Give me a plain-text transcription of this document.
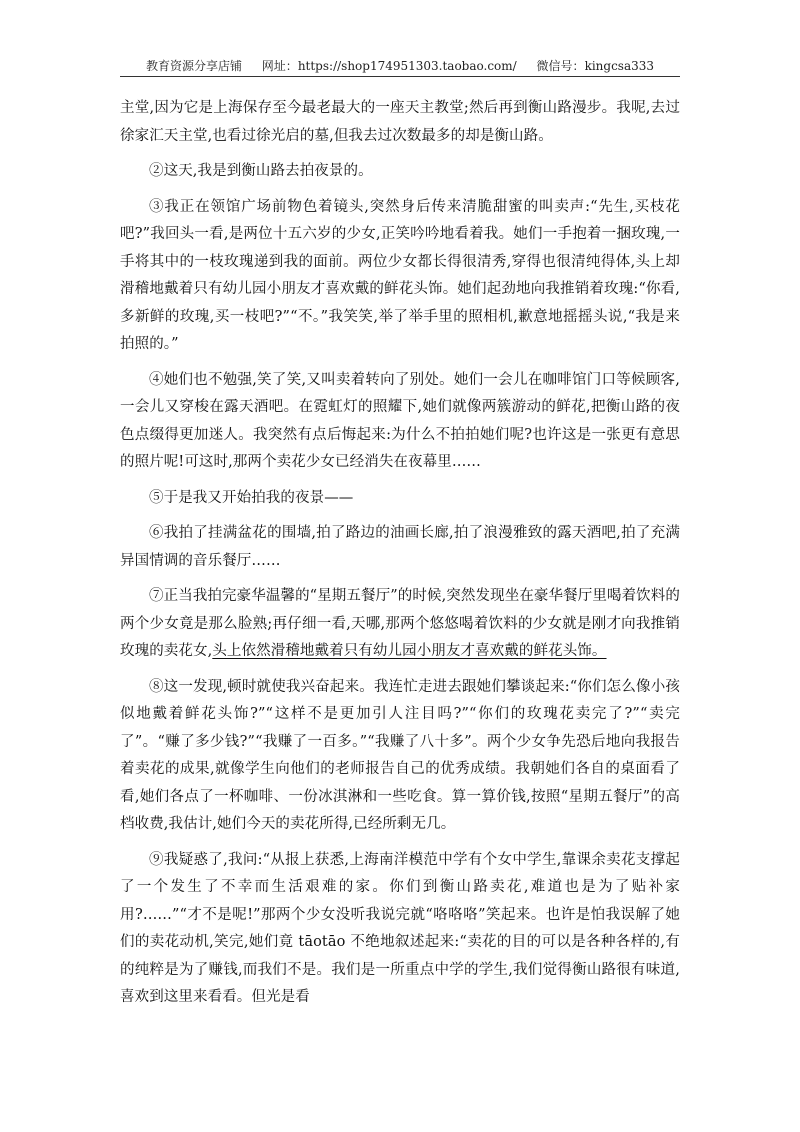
教育资源分享店铺 网址：https://shop174951303.taobao.com/ 微信号：kingcsa333

主堂,因为它是上海保存至今最老最大的一座天主教堂;然后再到衡山路漫步。我呢,去过徐家汇天主堂,也看过徐光启的墓,但我去过次数最多的却是衡山路。

②这天,我是到衡山路去拍夜景的。

③我正在领馆广场前物色着镜头,突然身后传来清脆甜蜜的叫卖声:“先生,买枝花吧?”我回头一看,是两位十五六岁的少女,正笑吟吟地看着我。她们一手抱着一捆玫瑰,一手将其中的一枝玫瑰递到我的面前。两位少女都长得很清秀,穿得也很清纯得体,头上却滑稽地戴着只有幼儿园小朋友才喜欢戴的鲜花头饰。她们起劲地向我推销着玫瑰:“你看,多新鲜的玫瑰,买一枝吧?”“不。”我笑笑,举了举手里的照相机,歉意地摇摇头说,“我是来拍照的。”

④她们也不勉强,笑了笑,又叫卖着转向了别处。她们一会儿在咖啡馆门口等候顾客,一会儿又穿梭在露天酒吧。在霓虹灯的照耀下,她们就像两簇游动的鲜花,把衡山路的夜色点缀得更加迷人。我突然有点后悔起来:为什么不拍拍她们呢?也许这是一张更有意思的照片呢!可这时,那两个卖花少女已经消失在夜幕里……

⑤于是我又开始拍我的夜景——

⑥我拍了挂满盆花的围墙,拍了路边的油画长廊,拍了浪漫雅致的露天酒吧,拍了充满异国情调的音乐餐厅……

⑦正当我拍完豪华温馨的“星期五餐厅”的时候,突然发现坐在豪华餐厅里喝着饮料的两个少女竟是那么脸熟;再仔细一看,天哪,那两个悠悠喝着饮料的少女就是刚才向我推销玫瑰的卖花女,头上依然滑稽地戴着只有幼儿园小朋友才喜欢戴的鲜花头饰。

⑧这一发现,顿时就使我兴奋起来。我连忙走进去跟她们攀谈起来:“你们怎么像小孩似地戴着鲜花头饰?”“这样不是更加引人注目吗?”“你们的玫瑰花卖完了?”“卖完了”。“赚了多少钱?”“我赚了一百多。”“我赚了八十多”。两个少女争先恐后地向我报告着卖花的成果,就像学生向他们的老师报告自己的优秀成绩。我朝她们各自的桌面看了看,她们各点了一杯咖啡、一份冰淇淋和一些吃食。算一算价钱,按照“星期五餐厅”的高档收费,我估计,她们今天的卖花所得,已经所剩无几。

⑨我疑惑了,我问:“从报上获悉,上海南洋模范中学有个女中学生,靠课余卖花支撑起了一个发生了不幸而生活艰难的家。你们到衡山路卖花,难道也是为了贴补家用?……”“才不是呢!”那两个少女没听我说完就“咯咯咯”笑起来。也许是怕我误解了她们的卖花动机,笑完,她们竟 tāotāo 不绝地叙述起来:“卖花的目的可以是各种各样的,有的纯粹是为了赚钱,而我们不是。我们是一所重点中学的学生,我们觉得衡山路很有味道,喜欢到这里来看看。但光是看
